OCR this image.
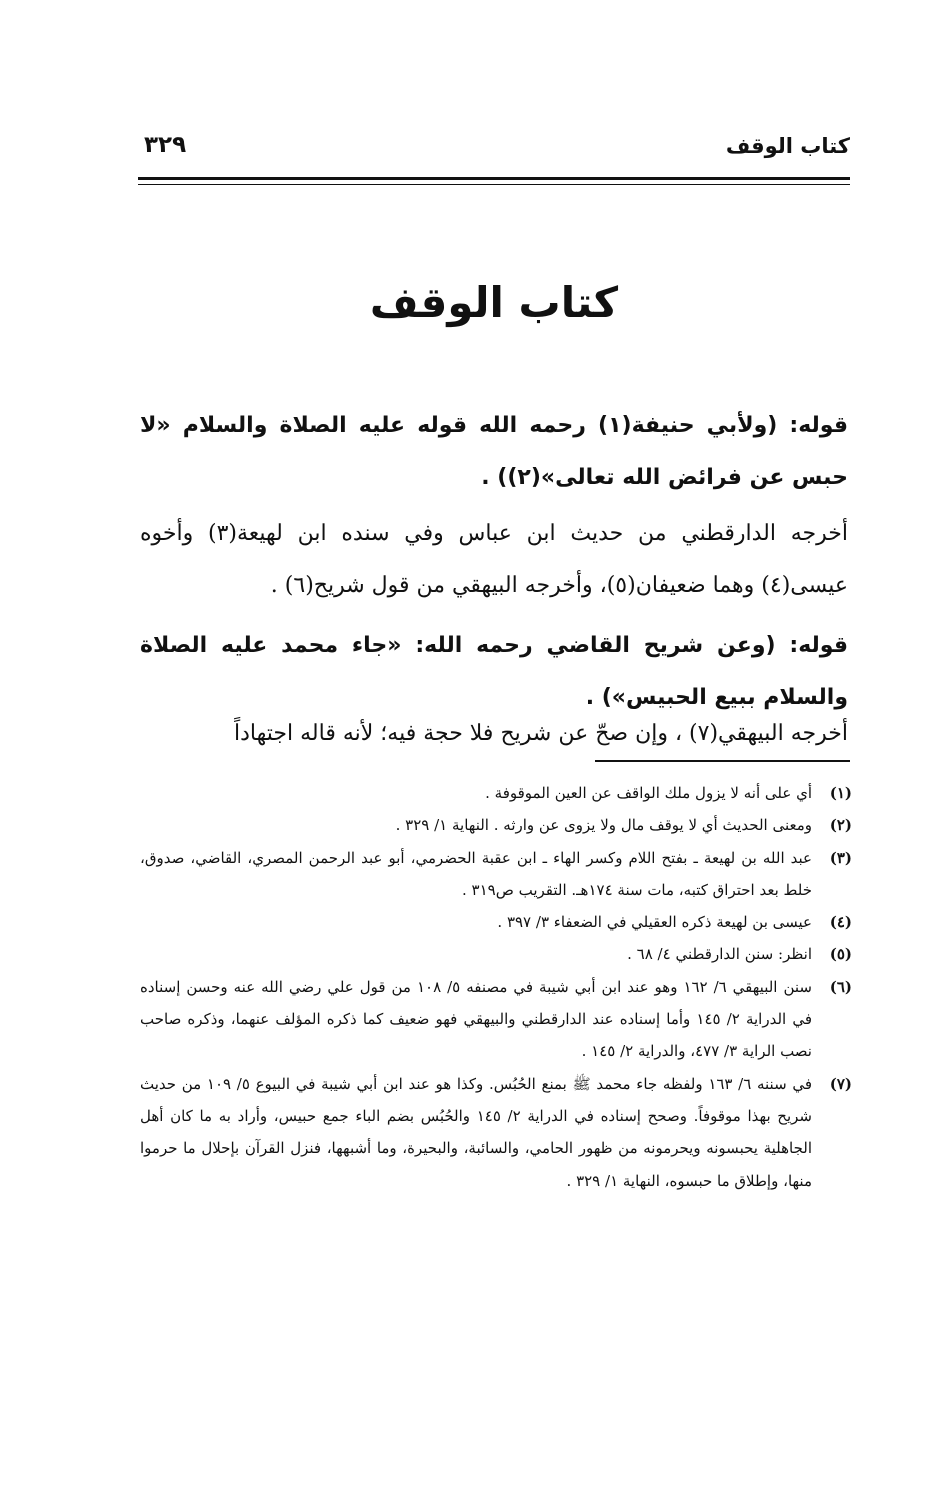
كتاب الوقف
٣٢٩
كتاب الوقف

قوله: (ولأبي حنيفة(١) رحمه الله قوله عليه الصلاة والسلام «لا حبس عن فرائض الله تعالى»(٢)) .

أخرجه الدارقطني من حديث ابن عباس وفي سنده ابن لهيعة(٣) وأخوه عيسى(٤) وهما ضعيفان(٥)، وأخرجه البيهقي من قول شريح(٦) .

قوله: (وعن شريح القاضي رحمه الله: «جاء محمد عليه الصلاة والسلام ببيع الحبيس») .

أخرجه البيهقي(٧) ، وإن صحّ عن شريح فلا حجة فيه؛ لأنه قاله اجتهاداً

(١)
أي على أنه لا يزول ملك الواقف عن العين الموقوفة .
(٢)
ومعنى الحديث أي لا يوقف مال ولا يزوى عن وارثه . النهاية ١/ ٣٢٩ .
(٣)
عبد الله بن لهيعة ـ بفتح اللام وكسر الهاء ـ ابن عقبة الحضرمي، أبو عبد الرحمن المصري، القاضي، صدوق، خلط بعد احتراق كتبه، مات سنة ١٧٤هـ. التقريب ص٣١٩ .
(٤)
عيسى بن لهيعة ذكره العقيلي في الضعفاء ٣/ ٣٩٧ .
(٥)
انظر: سنن الدارقطني ٤/ ٦٨ .
(٦)
سنن البيهقي ٦/ ١٦٢ وهو عند ابن أبي شيبة في مصنفه ٥/ ١٠٨ من قول علي رضي الله عنه وحسن إسناده في الدراية ٢/ ١٤٥ وأما إسناده عند الدارقطني والبيهقي فهو ضعيف كما ذكره المؤلف عنهما، وذكره صاحب نصب الراية ٣/ ٤٧٧، والدراية ٢/ ١٤٥ .
(٧)
في سننه ٦/ ١٦٣ ولفظه جاء محمد ﷺ بمنع الحُبُس. وكذا هو عند ابن أبي شيبة في البيوع ٥/ ١٠٩ من حديث شريح بهذا موقوفاً. وصحح إسناده في الدراية ٢/ ١٤٥ والحُبُس بضم الباء جمع حبيس، وأراد به ما كان أهل الجاهلية يحبسونه ويحرمونه من ظهور الحامي، والسائبة، والبحيرة، وما أشبهها، فنزل القرآن بإحلال ما حرموا منها، وإطلاق ما حبسوه، النهاية ١/ ٣٢٩ .
